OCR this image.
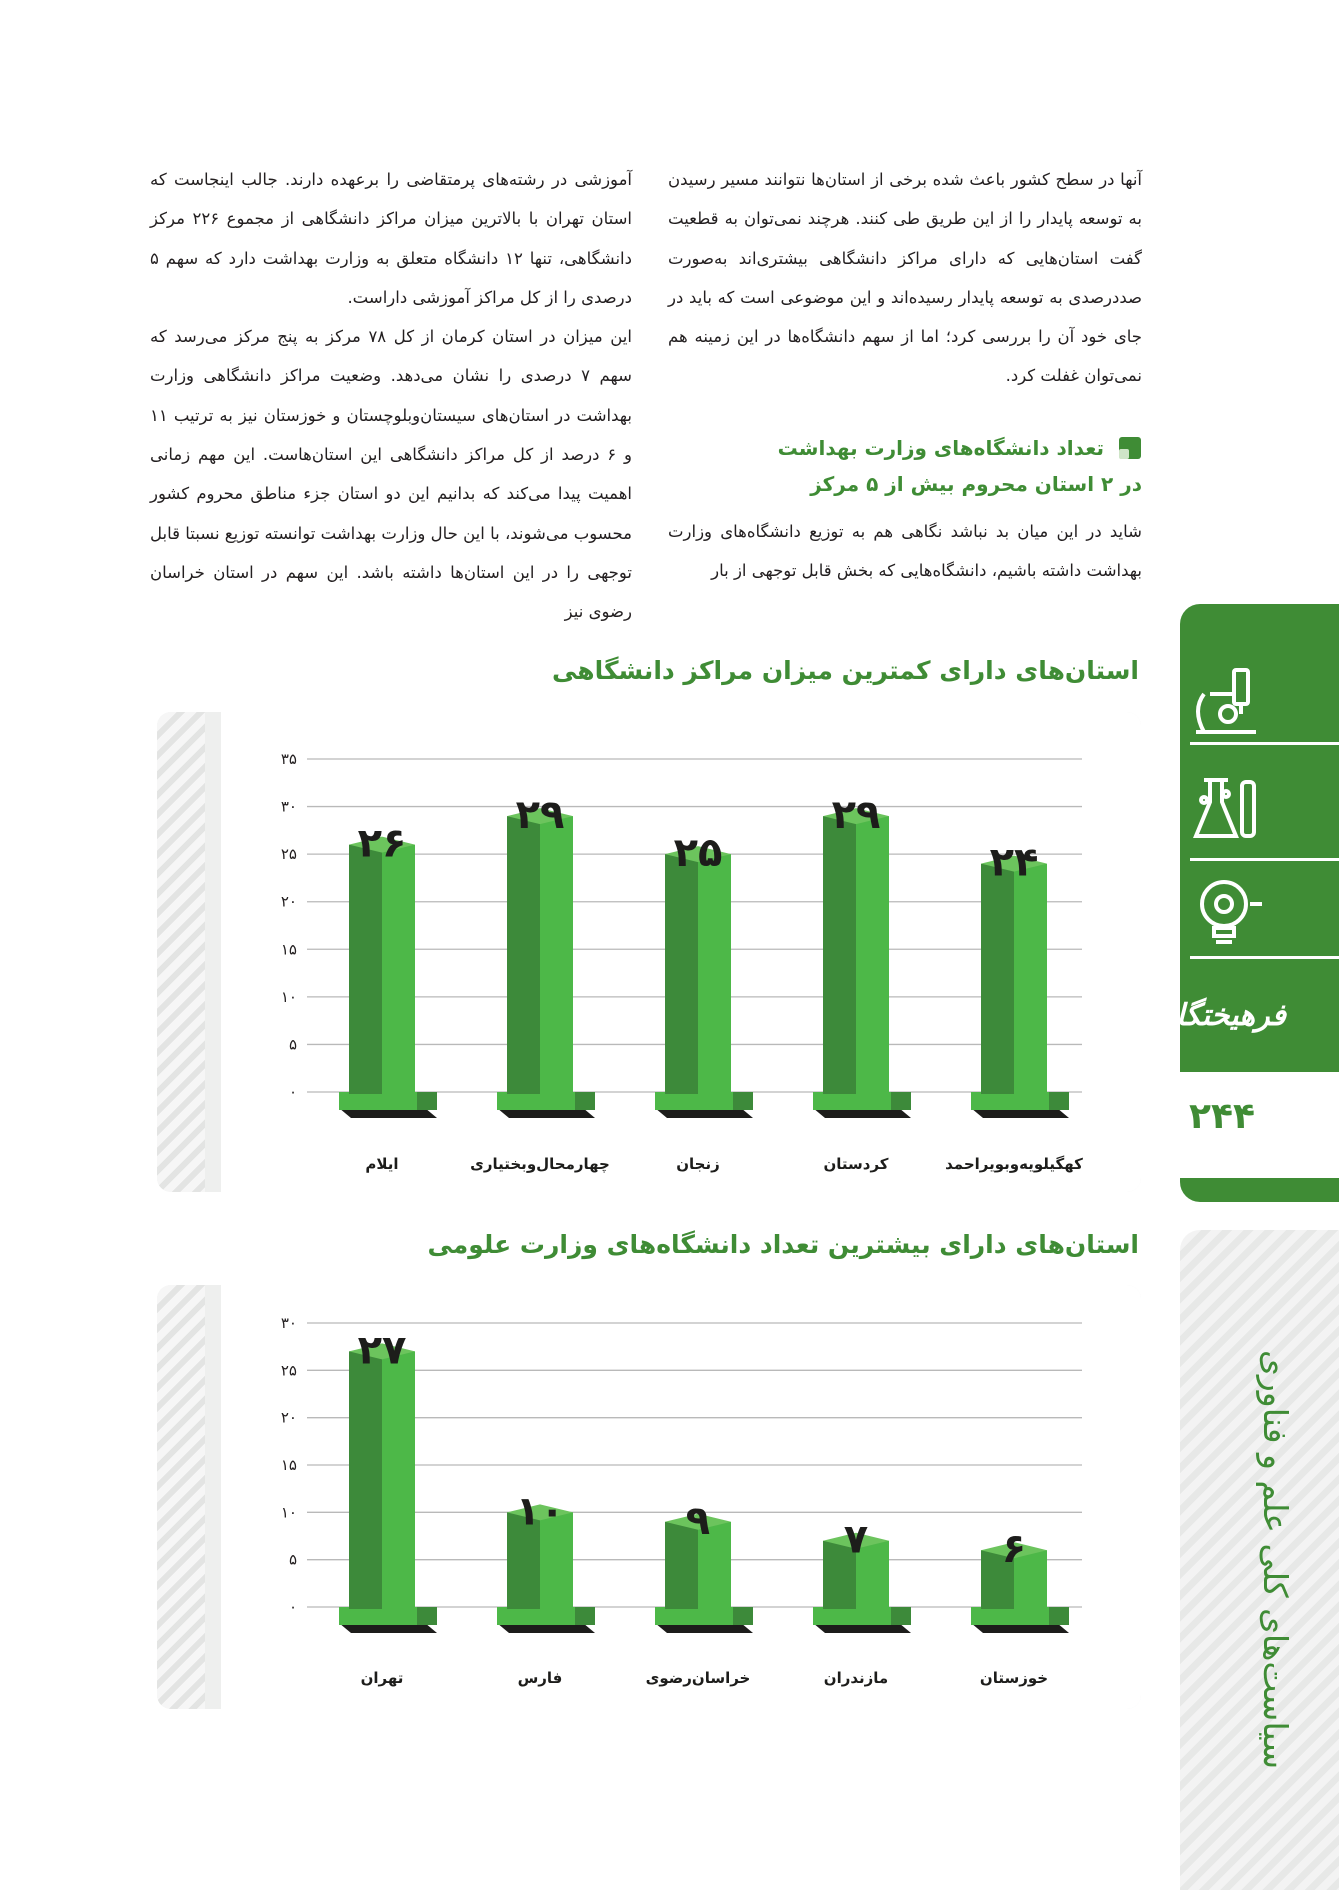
آنها در سطح کشور باعث شده برخی از استان‌ها نتوانند مسیر رسیدن به توسعه پایدار را از این طریق طی کنند. هرچند نمی‌توان به قطعیت گفت استان‌هایی که دارای مراکز دانشگاهی بیشتری‌اند به‌صورت صددرصدی به توسعه پایدار رسیده‌اند و این موضوعی است که باید در جای خود آن را بررسی کرد؛ اما از سهم دانشگاه‌ها در این زمینه هم نمی‌توان غفلت کرد.

آموزشی در رشته‌های پرمتقاضی را برعهده دارند. جالب اینجاست که استان تهران با بالاترین میزان مراکز دانشگاهی از مجموع ۲۲۶ مرکز دانشگاهی، تنها ۱۲ دانشگاه متعلق به وزارت بهداشت دارد که سهم ۵ درصدی را از کل مراکز آموزشی داراست.

این میزان در استان کرمان از کل ۷۸ مرکز به پنج مرکز می‌رسد که سهم ۷ درصدی را نشان می‌دهد. وضعیت مراکز دانشگاهی وزارت بهداشت در استان‌های سیستان‌وبلوچستان و خوزستان نیز به ترتیب ۱۱ و ۶ درصد از کل مراکز دانشگاهی این استان‌هاست. این مهم زمانی اهمیت پیدا می‌کند که بدانیم این دو استان جزء مناطق محروم کشور محسوب می‌شوند، با این حال وزارت بهداشت توانسته توزیع نسبتا قابل توجهی را در این استان‌ها داشته باشد. این سهم در استان خراسان رضوی نیز

تعداد دانشگاه‌های وزارت بهداشت

در ۲ استان محروم بیش از ۵ مرکز

شاید در این میان بد نباشد نگاهی هم به توزیع دانشگاه‌های وزارت بهداشت داشته باشیم، دانشگاه‌هایی که بخش قابل توجهی از بار
استان‌های دارای کمترین میزان مراکز دانشگاهی
۰
۵
۱۰
۱۵
۲۰
۲۵
۳۰
۳۵
۲۶
ایلام
۲۹
چهارمحال‌وبختیاری
۲۵
زنجان
۲۹
کردستان
۲۴
کهگیلویه‌وبویراحمد
استان‌های دارای بیشترین تعداد دانشگاه‌های وزارت علومی
۰
۵
۱۰
۱۵
۲۰
۲۵
۳۰
۲۷
تهران
۱۰
فارس
۹
خراسان‌رضوی
۷
مازندران
۶
خوزستان
فرهیختگان
۲۴۴
سیاست‌های کلی علم و فناوری
